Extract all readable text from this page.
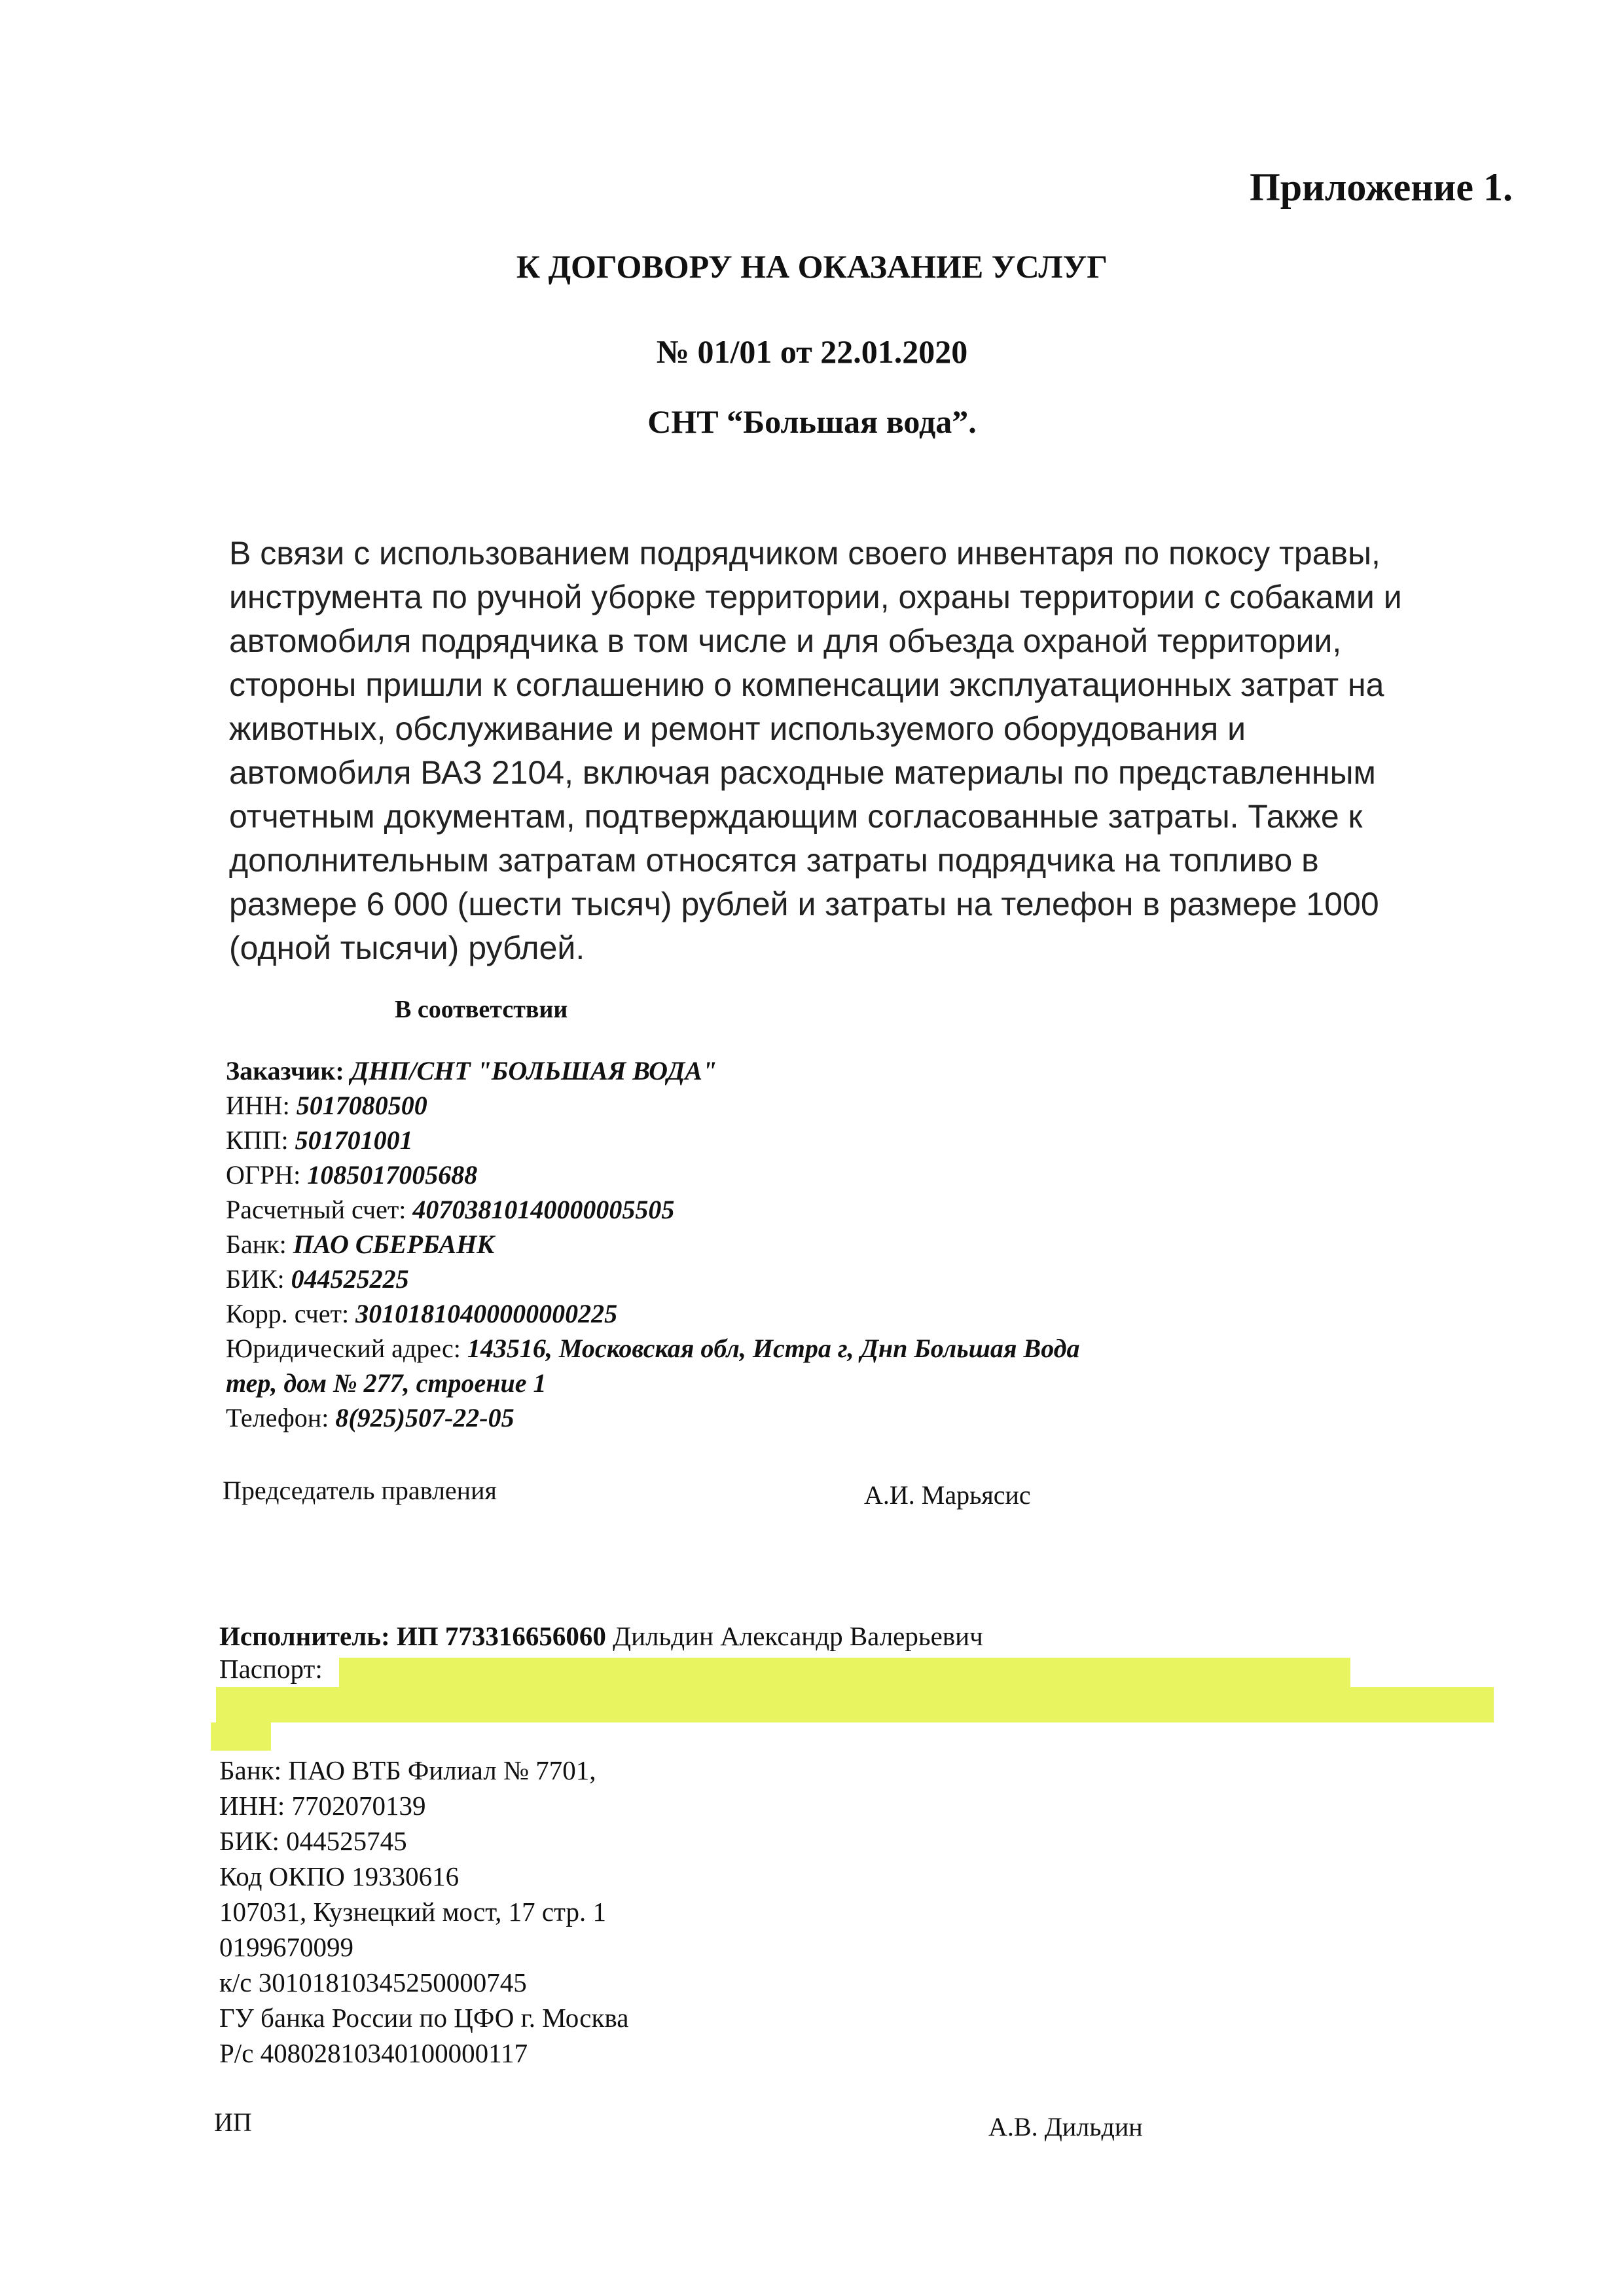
Приложение 1.
К ДОГОВОРУ НА ОКАЗАНИЕ УСЛУГ
№ 01/01 от 22.01.2020
СНТ “Большая вода”.
В связи с использованием подрядчиком своего инвентаря по покосу травы,
инструмента по ручной уборке территории, охраны территории с собаками и
автомобиля подрядчика в том числе и для объезда охраной территории,
стороны пришли к соглашению о компенсации эксплуатационных затрат на
животных, обслуживание и ремонт используемого оборудования и
автомобиля ВАЗ 2104, включая расходные материалы по представленным
отчетным документам, подтверждающим согласованные затраты. Также к
дополнительным затратам относятся затраты подрядчика на топливо в
размере 6 000 (шести тысяч) рублей и затраты на телефон в размере 1000
(одной тысячи) рублей.
В соответствии
Заказчик: ДНП/СНТ "БОЛЬШАЯ ВОДА"
ИНН: 5017080500
КПП: 501701001
ОГРН: 1085017005688
Расчетный счет: 40703810140000005505
Банк: ПАО СБЕРБАНК
БИК: 044525225
Корр. счет: 30101810400000000225
Юридический адрес: 143516, Московская обл, Истра г, Днп Большая Вода
тер, дом № 277, строение 1
Телефон: 8(925)507-22-05
Председатель правления	А.И. Марьясис
Исполнитель: ИП 773316656060 Дильдин Александр Валерьевич
Паспорт:
Банк: ПАО ВТБ Филиал № 7701,
ИНН: 7702070139
БИК: 044525745
Код ОКПО 19330616
107031, Кузнецкий мост, 17 стр. 1
0199670099
к/с 30101810345250000745
ГУ банка России по ЦФО г. Москва
Р/с 40802810340100000117
ИП	А.В. Дильдин
